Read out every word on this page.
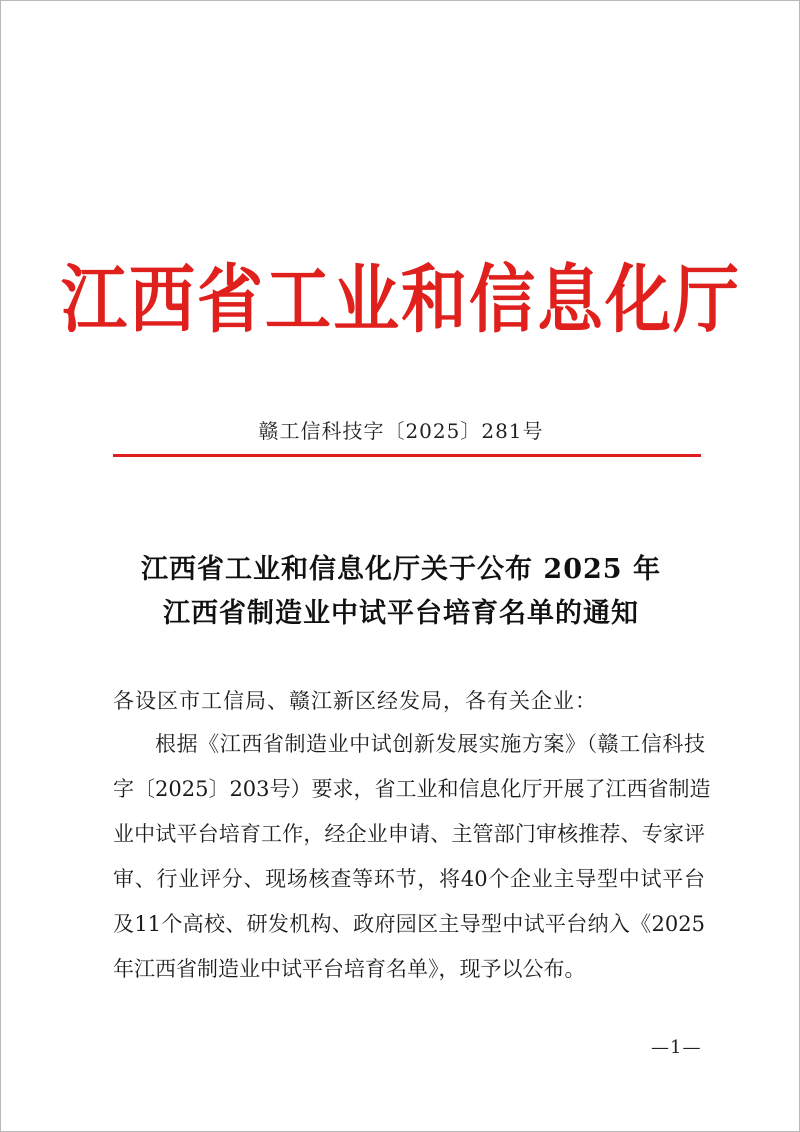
江西省工业和信息化厅
赣工信科技字〔2025〕281号
江西省工业和信息化厅关于公布 2025 年
江西省制造业中试平台培育名单的通知
各设区市工信局、赣江新区经发局，各有关企业：
根据《江西省制造业中试创新发展实施方案》（赣工信科技
字〔2025〕203号）要求，省工业和信息化厅开展了江西省制造
业中试平台培育工作，经企业申请、主管部门审核推荐、专家评
审、行业评分、现场核查等环节，将40个企业主导型中试平台
及11个高校、研发机构、政府园区主导型中试平台纳入《2025
年江西省制造业中试平台培育名单》，现予以公布。
—1—
